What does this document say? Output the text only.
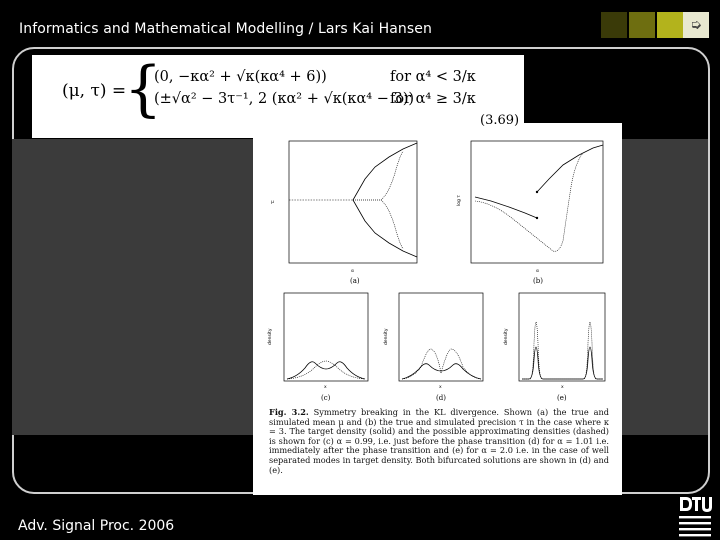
Informatics and Mathematical Modelling / Lars Kai Hansen	➭
(μ, τ) =
{
(0, −κα² + √κ(κα⁴ + 6))	for α⁴ < 3/κ
(±√α² − 3τ⁻¹, 2 (κα² + √κ(κα⁴ − 3))
for α⁴ ≥ 3/κ
(3.69)
μ
α
(a)
log τ
α
(b)
density
x
(c)
density
x
(d)
density
x
(e)
Fig. 3.2. Symmetry breaking in the KL divergence. Shown (a) the true and simulated mean μ and (b) the true and simulated precision τ in the case where κ = 3. The target density (solid) and the possible approximating densities (dashed) is shown for (c) α = 0.99, i.e. just before the phase transition (d) for α = 1.01 i.e. immediately after the phase transition and (e) for α = 2.0 i.e. in the case of well separated modes in target density. Both bifurcated solutions are shown in (d) and (e).
Adv. Signal Proc. 2006
